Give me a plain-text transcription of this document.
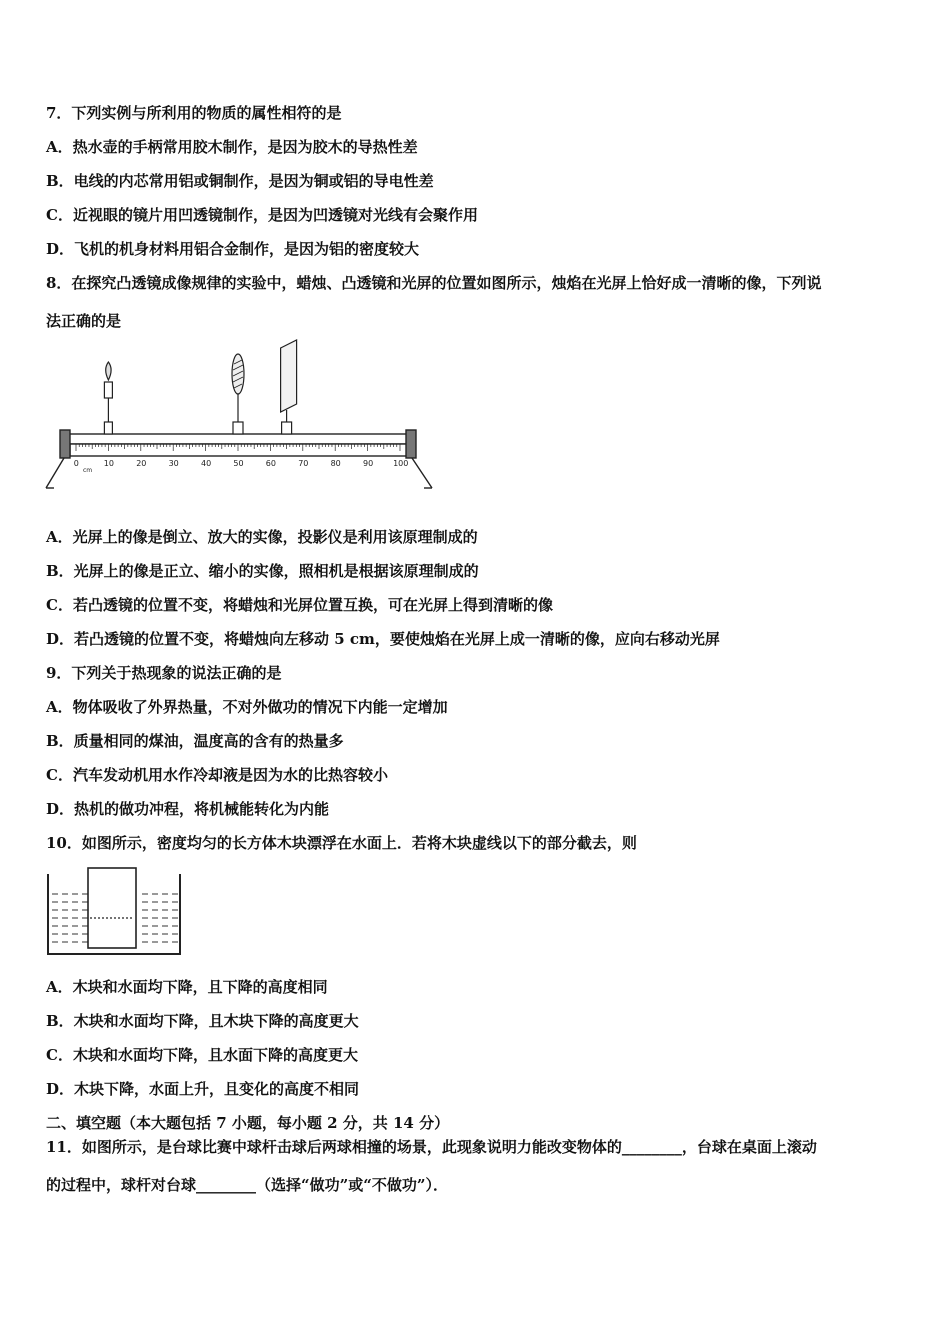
7．下列实例与所利用的物质的属性相符的是
A．热水壶的手柄常用胶木制作，是因为胶木的导热性差
B．电线的内芯常用铝或铜制作，是因为铜或铝的导电性差
C．近视眼的镜片用凹透镜制作，是因为凹透镜对光线有会聚作用
D．飞机的机身材料用铝合金制作，是因为铝的密度较大
8．在探究凸透镜成像规律的实验中，蜡烛、凸透镜和光屏的位置如图所示，烛焰在光屏上恰好成一清晰的像，下列说
法正确的是
0	10	20	30	40	50	60	70	80	90 100
cm
A．光屏上的像是倒立、放大的实像，投影仪是利用该原理制成的
B．光屏上的像是正立、缩小的实像，照相机是根据该原理制成的
C．若凸透镜的位置不变，将蜡烛和光屏位置互换，可在光屏上得到清晰的像
D．若凸透镜的位置不变，将蜡烛向左移动 5 cm，要使烛焰在光屏上成一清晰的像，应向右移动光屏
9．下列关于热现象的说法正确的是
A．物体吸收了外界热量，不对外做功的情况下内能一定增加
B．质量相同的煤油，温度高的含有的热量多
C．汽车发动机用水作冷却液是因为水的比热容较小
D．热机的做功冲程，将机械能转化为内能
10．如图所示，密度均匀的长方体木块漂浮在水面上．若将木块虚线以下的部分截去，则
A．木块和水面均下降，且下降的高度相同
B．木块和水面均下降，且木块下降的高度更大
C．木块和水面均下降，且水面下降的高度更大
D．木块下降，水面上升，且变化的高度不相同
二、填空题（本大题包括 7 小题，每小题 2 分，共 14 分）
11．如图所示，是台球比赛中球杆击球后两球相撞的场景，此现象说明力能改变物体的________，台球在桌面上滚动
的过程中，球杆对台球________（选择“做功”或“不做功”）．
